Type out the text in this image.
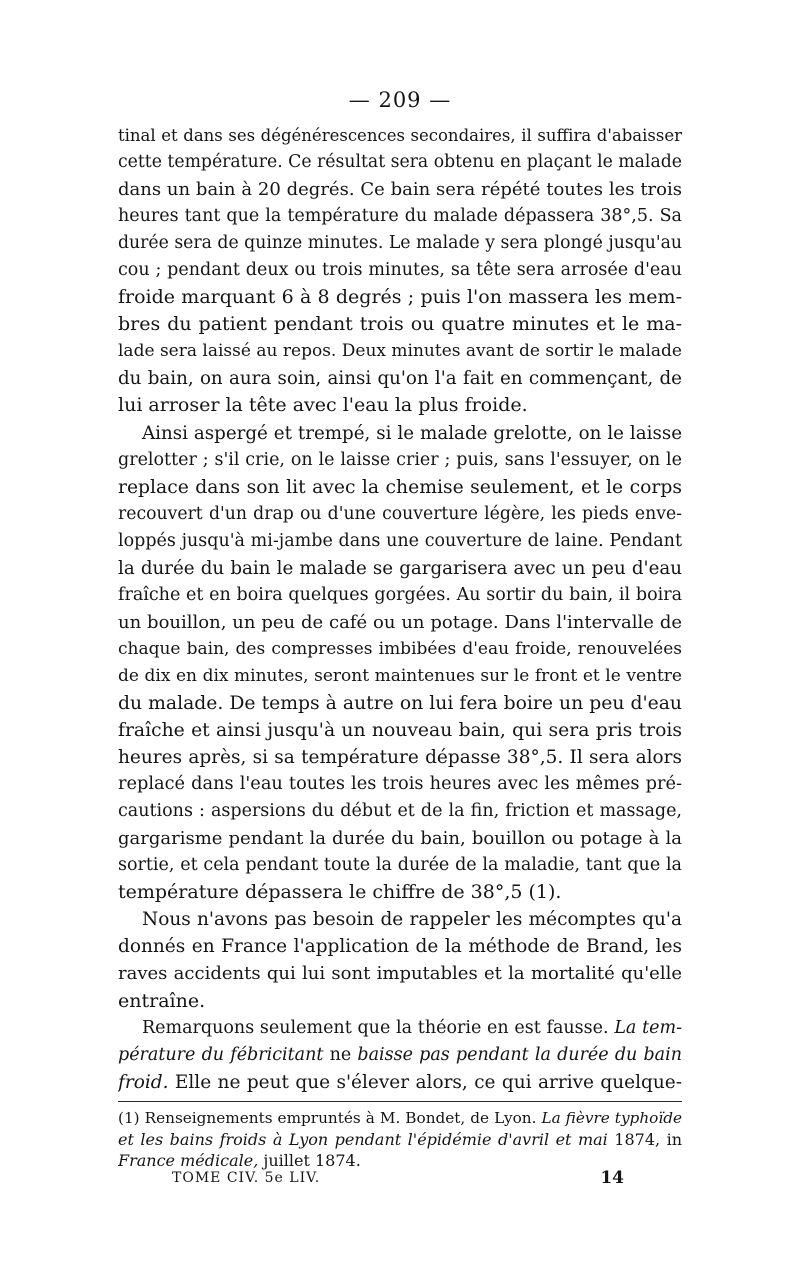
— 209 —
tinal et dans ses dégénérescences secondaires, il suffira d'abaisser
cette température. Ce résultat sera obtenu en plaçant le malade
dans un bain à 20 degrés. Ce bain sera répété toutes les trois
heures tant que la température du malade dépassera 38°,5. Sa
durée sera de quinze minutes. Le malade y sera plongé jusqu'au
cou ; pendant deux ou trois minutes, sa tête sera arrosée d'eau
froide marquant 6 à 8 degrés ; puis l'on massera les mem-
bres du patient pendant trois ou quatre minutes et le ma-
lade sera laissé au repos. Deux minutes avant de sortir le malade
du bain, on aura soin, ainsi qu'on l'a fait en commençant, de
lui arroser la tête avec l'eau la plus froide.
Ainsi aspergé et trempé, si le malade grelotte, on le laisse
grelotter ; s'il crie, on le laisse crier ; puis, sans l'essuyer, on le
replace dans son lit avec la chemise seulement, et le corps
recouvert d'un drap ou d'une couverture légère, les pieds enve-
loppés jusqu'à mi-jambe dans une couverture de laine. Pendant
la durée du bain le malade se gargarisera avec un peu d'eau
fraîche et en boira quelques gorgées. Au sortir du bain, il boira
un bouillon, un peu de café ou un potage. Dans l'intervalle de
chaque bain, des compresses imbibées d'eau froide, renouvelées
de dix en dix minutes, seront maintenues sur le front et le ventre
du malade. De temps à autre on lui fera boire un peu d'eau
fraîche et ainsi jusqu'à un nouveau bain, qui sera pris trois
heures après, si sa température dépasse 38°,5. Il sera alors
replacé dans l'eau toutes les trois heures avec les mêmes pré-
cautions : aspersions du début et de la fin, friction et massage,
gargarisme pendant la durée du bain, bouillon ou potage à la
sortie, et cela pendant toute la durée de la maladie, tant que la
température dépassera le chiffre de 38°,5 (1).
Nous n'avons pas besoin de rappeler les mécomptes qu'a
donnés en France l'application de la méthode de Brand, les
raves accidents qui lui sont imputables et la mortalité qu'elle
entraîne.
Remarquons seulement que la théorie en est fausse. La tem-
pérature du fébricitant ne baisse pas pendant la durée du bain
froid. Elle ne peut que s'élever alors, ce qui arrive quelque-
(1) Renseignements empruntés à M. Bondet, de Lyon. La fièvre typhoïde
et les bains froids à Lyon pendant l'épidémie d'avril et mai 1874, in
France médicale, juillet 1874.
TOME CIV. 5e LIV.	14
